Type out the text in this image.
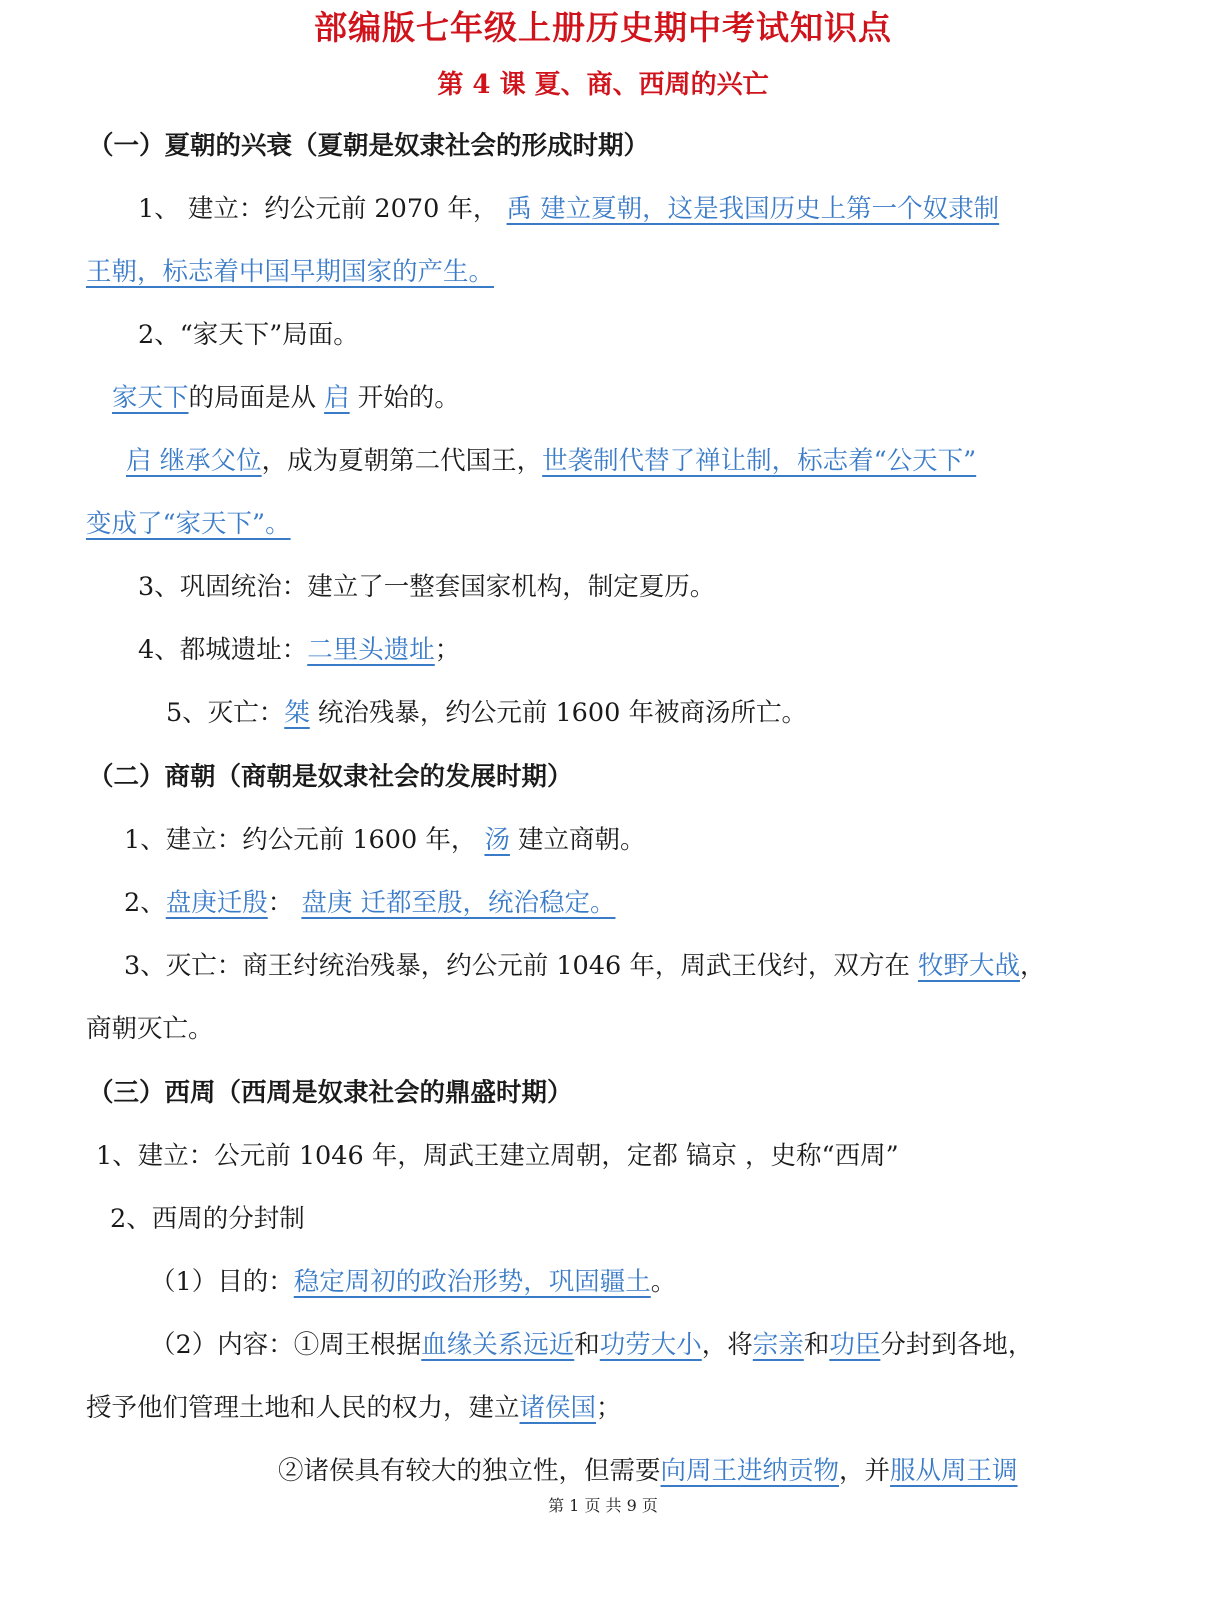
部编版七年级上册历史期中考试知识点
第 4 课 夏、商、西周的兴亡
（一）夏朝的兴衰（夏朝是奴隶社会的形成时期）
1、 建立：约公元前 2070 年， 禹 建立夏朝，这是我国历史上第一个奴隶制
王朝，标志着中国早期国家的产生。
2、“家天下”局面。
家天下的局面是从 启 开始的。
启 继承父位，成为夏朝第二代国王，世袭制代替了禅让制，标志着“公天下”
变成了“家天下”。
3、巩固统治：建立了一整套国家机构，制定夏历。
4、都城遗址：二里头遗址；
5、灭亡：桀 统治残暴，约公元前 1600 年被商汤所亡。
（二）商朝（商朝是奴隶社会的发展时期）
1、建立：约公元前 1600 年， 汤 建立商朝。
2、盘庚迁殷： 盘庚 迁都至殷，统治稳定。
3、灭亡：商王纣统治残暴，约公元前 1046 年，周武王伐纣，双方在 牧野大战，
商朝灭亡。
（三）西周（西周是奴隶社会的鼎盛时期）
1、建立：公元前 1046 年，周武王建立周朝，定都 镐京 ，史称“西周”
2、西周的分封制
（1）目的：稳定周初的政治形势，巩固疆土。
（2）内容：①周王根据血缘关系远近和功劳大小，将宗亲和功臣分封到各地，
授予他们管理土地和人民的权力，建立诸侯国；
②诸侯具有较大的独立性，但需要向周王进纳贡物，并服从周王调
第 1 页 共 9 页
